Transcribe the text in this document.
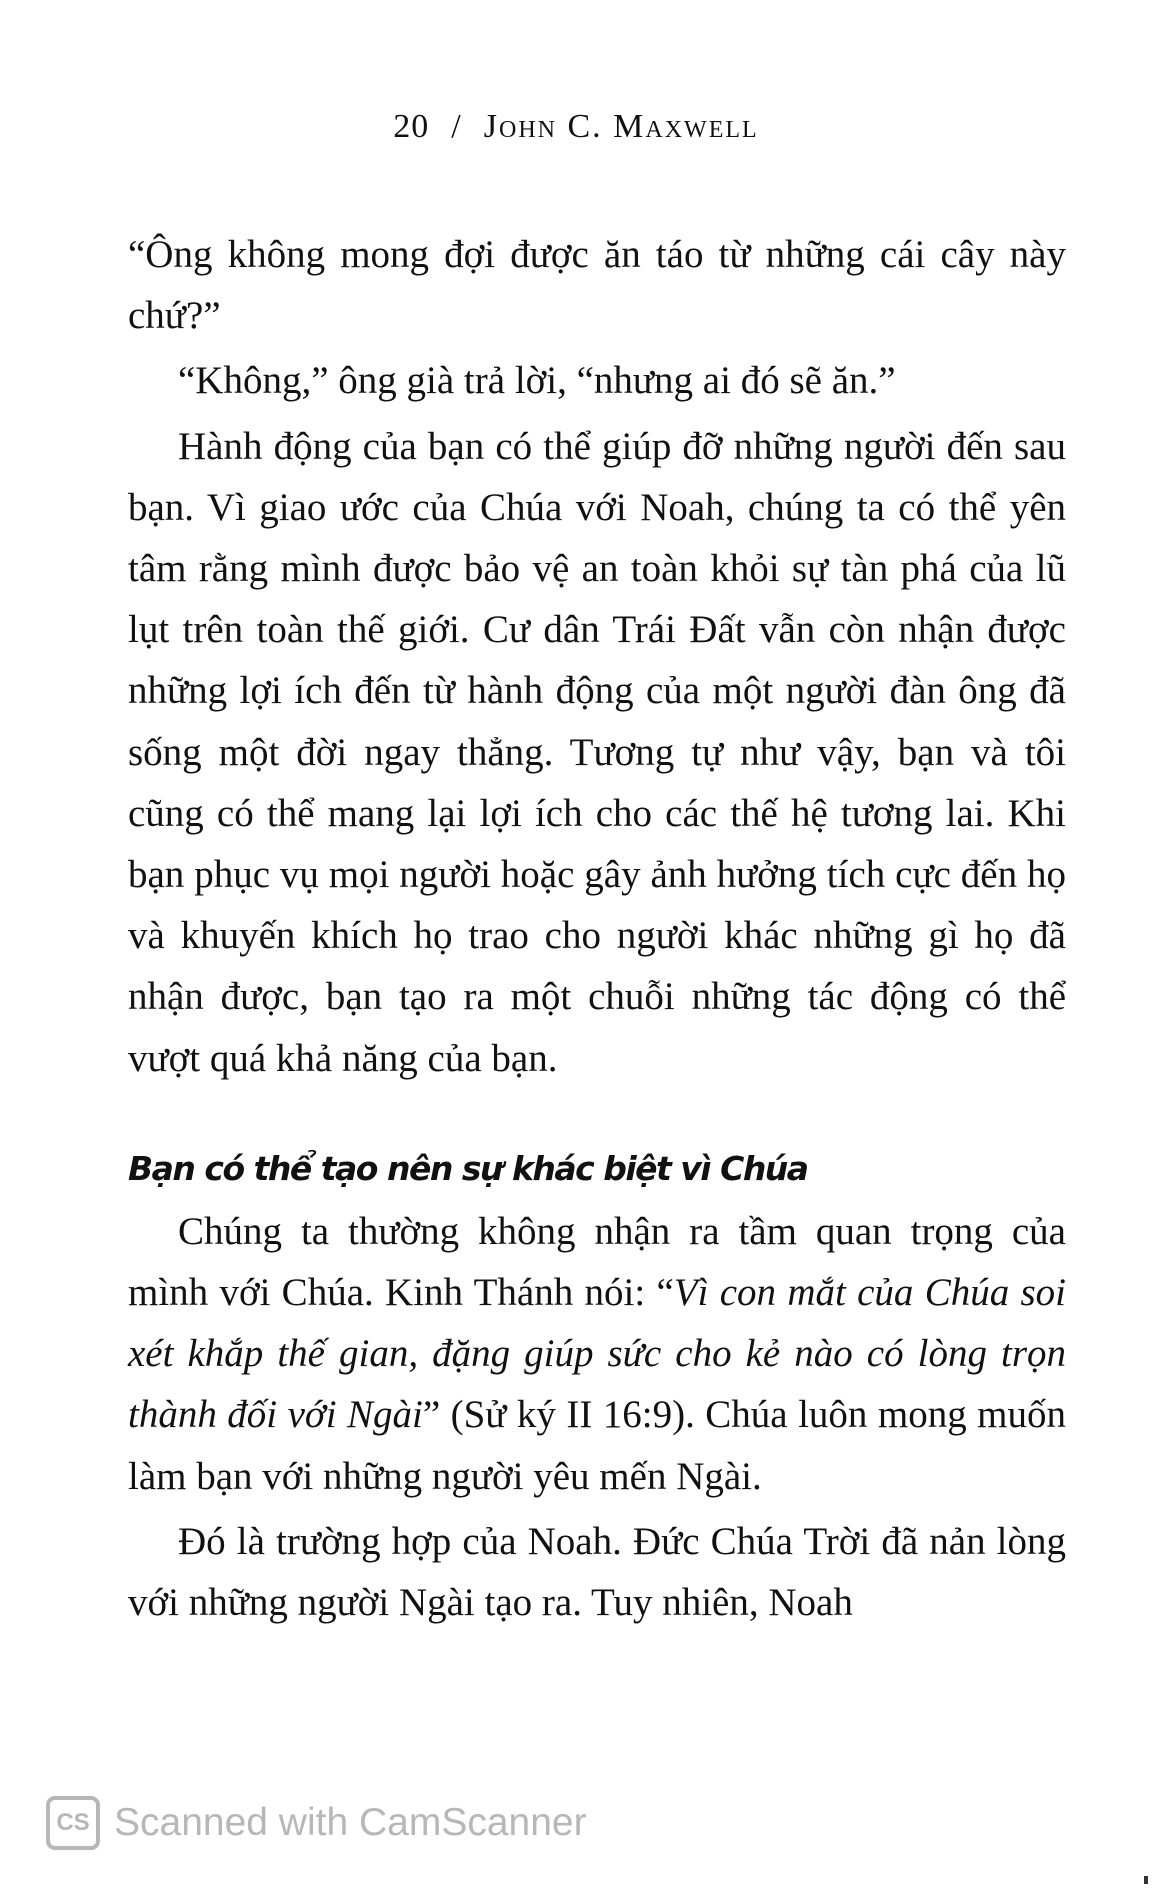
20 / John C. Maxwell

“Ông không mong đợi được ăn táo từ những cái cây này chứ?”

“Không,” ông già trả lời, “nhưng ai đó sẽ ăn.”

Hành động của bạn có thể giúp đỡ những người đến sau bạn. Vì giao ước của Chúa với Noah, chúng ta có thể yên tâm rằng mình được bảo vệ an toàn khỏi sự tàn phá của lũ lụt trên toàn thế giới. Cư dân Trái Đất vẫn còn nhận được những lợi ích đến từ hành động của một người đàn ông đã sống một đời ngay thẳng. Tương tự như vậy, bạn và tôi cũng có thể mang lại lợi ích cho các thế hệ tương lai. Khi bạn phục vụ mọi người hoặc gây ảnh hưởng tích cực đến họ và khuyến khích họ trao cho người khác những gì họ đã nhận được, bạn tạo ra một chuỗi những tác động có thể vượt quá khả năng của bạn.

Bạn có thể tạo nên sự khác biệt vì Chúa

Chúng ta thường không nhận ra tầm quan trọng của mình với Chúa. Kinh Thánh nói: “Vì con mắt của Chúa soi xét khắp thế gian, đặng giúp sức cho kẻ nào có lòng trọn thành đối với Ngài” (Sử ký II 16:9). Chúa luôn mong muốn làm bạn với những người yêu mến Ngài.

Đó là trường hợp của Noah. Đức Chúa Trời đã nản lòng với những người Ngài tạo ra. Tuy nhiên, Noah

CS Scanned with CamScanner
